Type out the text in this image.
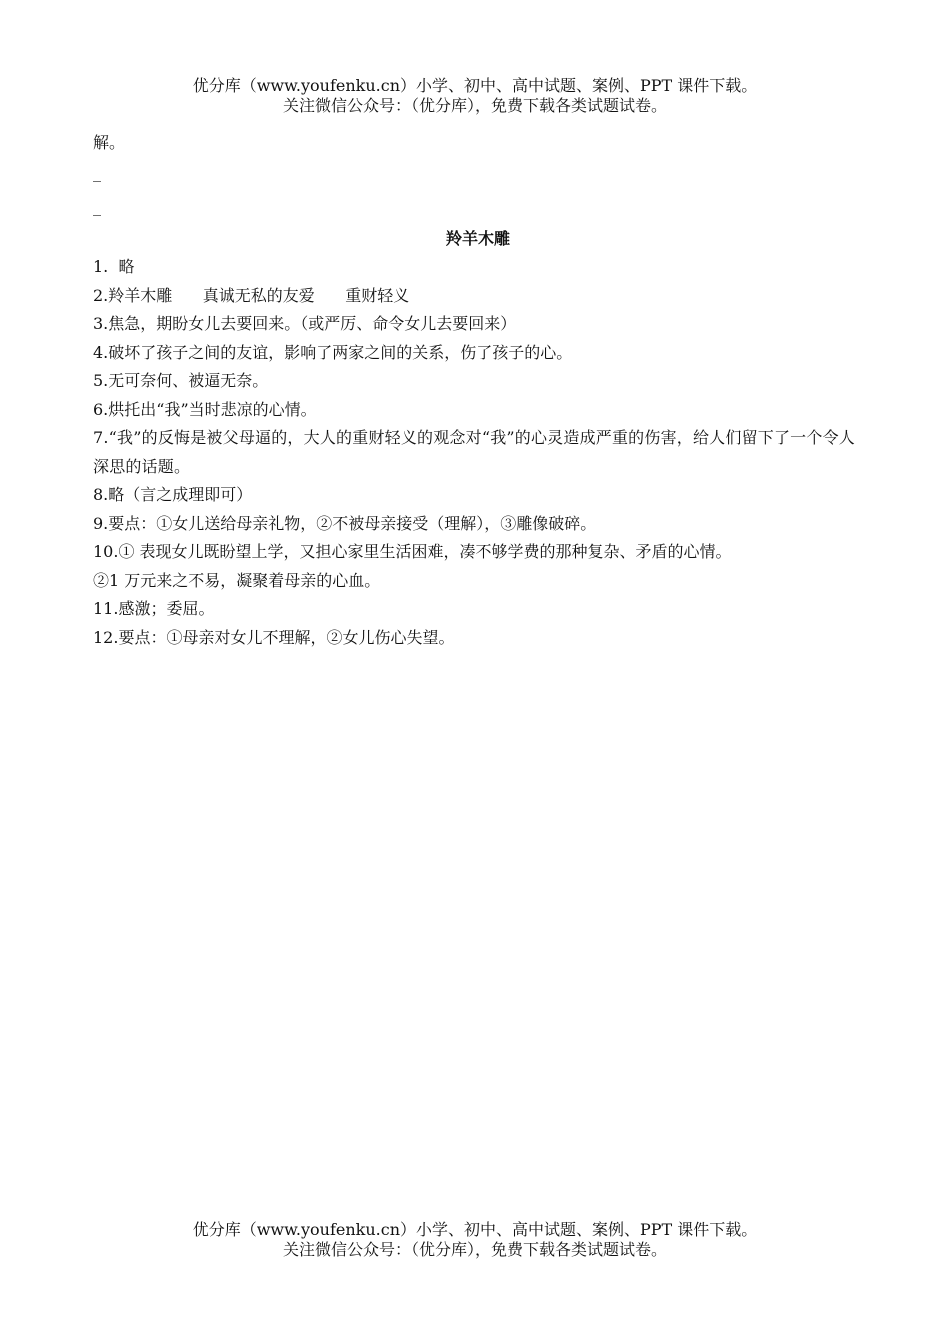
优分库（www.youfenku.cn）小学、初中、高中试题、案例、PPT 课件下载。
关注微信公众号：（优分库），免费下载各类试题试卷。
解。
_
_
羚羊木雕
1.  略
2.羚羊木雕      真诚无私的友爱      重财轻义
3.焦急，期盼女儿去要回来。（或严厉、命令女儿去要回来）
4.破坏了孩子之间的友谊，影响了两家之间的关系，伤了孩子的心。
5.无可奈何、被逼无奈。
6.烘托出“我”当时悲凉的心情。
7.“我”的反悔是被父母逼的，大人的重财轻义的观念对“我”的心灵造成严重的伤害，给人们留下了一个令人深思的话题。
8.略（言之成理即可）
9.要点：①女儿送给母亲礼物，②不被母亲接受（理解），③雕像破碎。
10.① 表现女儿既盼望上学，又担心家里生活困难，凑不够学费的那种复杂、矛盾的心情。
②1 万元来之不易，凝聚着母亲的心血。
11.感激；委屈。
12.要点：①母亲对女儿不理解，②女儿伤心失望。
优分库（www.youfenku.cn）小学、初中、高中试题、案例、PPT 课件下载。
关注微信公众号：（优分库），免费下载各类试题试卷。
